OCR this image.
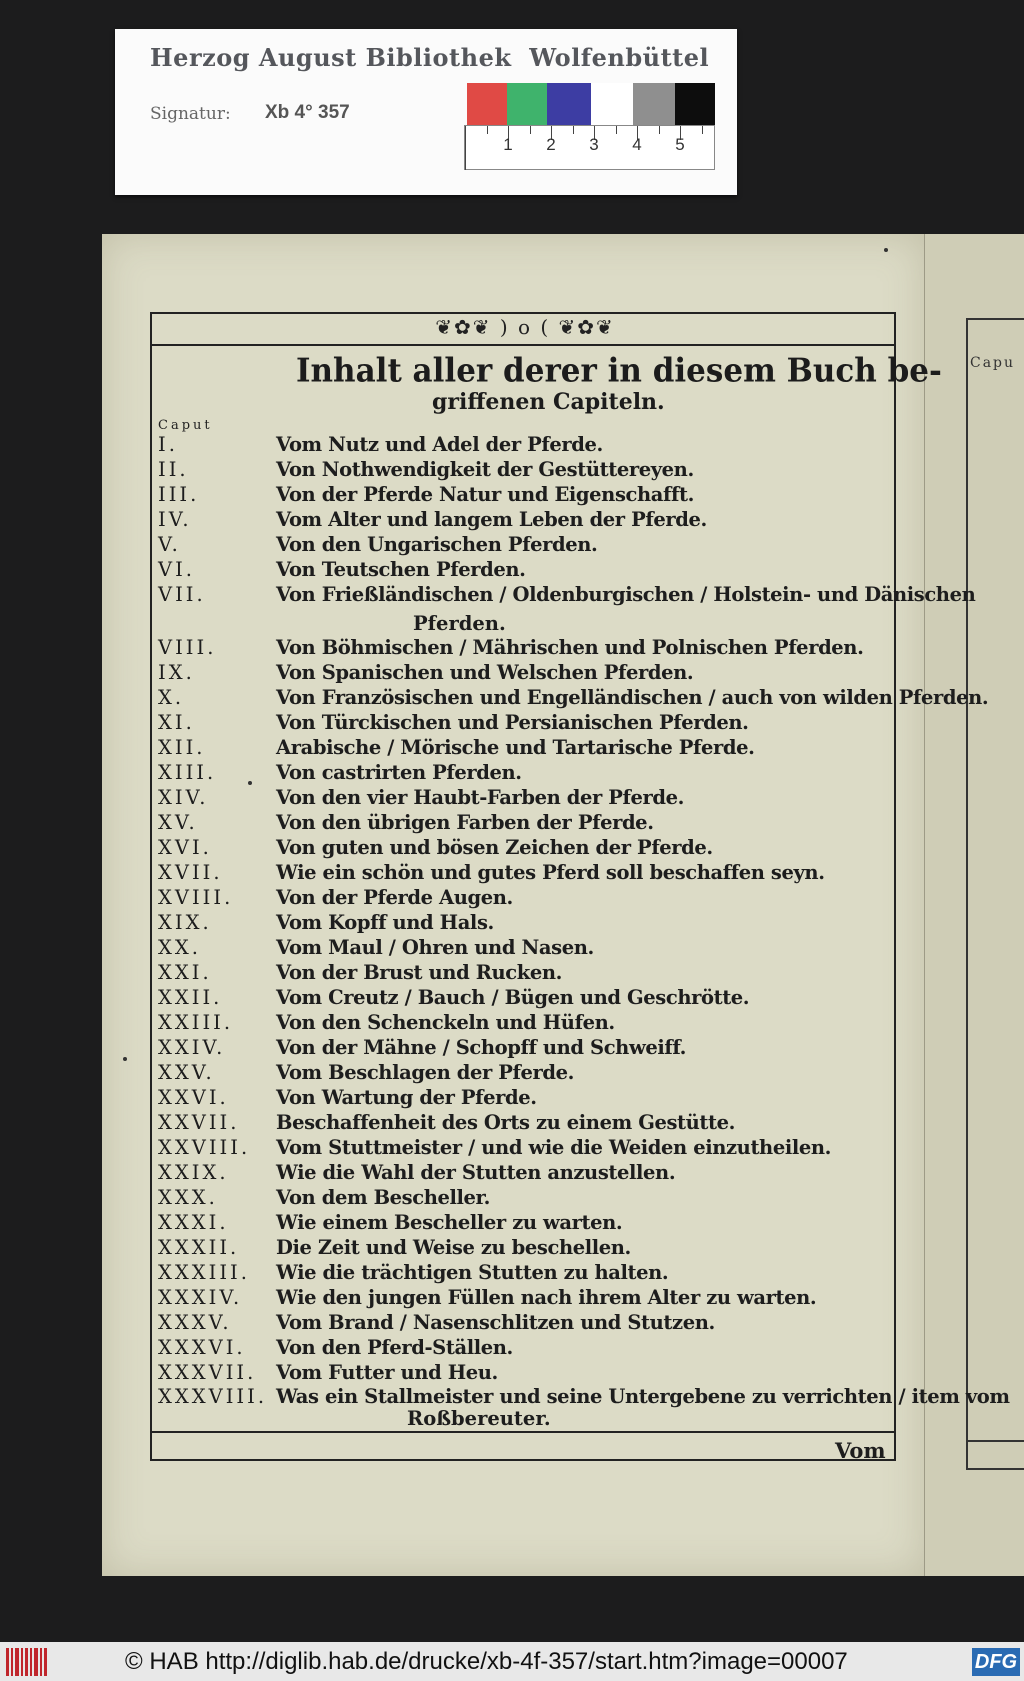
Herzog August Bibliothek  Wolfenbüttel
Signatur: Xb 4° 357
1 2 3 4 5
Capu
❦✿❦ ) o ( ❦✿❦
Inhalt aller derer in diesem Buch be-
griffenen Capiteln.
Caput
I.	Vom Nutz und Adel der Pferde.
II.	Von Nothwendigkeit der Gestüttereyen.
III.	Von der Pferde Natur und Eigenschafft.
IV.	Vom Alter und langem Leben der Pferde.
V.	Von den Ungarischen Pferden.
VI.	Von Teutschen Pferden.
VII.	Von Frießländischen / Oldenburgischen / Holstein- und Dänischen
VIII.	Von Böhmischen / Mährischen und Polnischen Pferden.
IX.	Von Spanischen und Welschen Pferden.
X.	Von Französischen und Engelländischen / auch von wilden Pferden.
XI.	Von Türckischen und Persianischen Pferden.
XII.	Arabische / Mörische und Tartarische Pferde.
XIII.	Von castrirten Pferden.
XIV.	Von den vier Haubt-Farben der Pferde.
XV.	Von den übrigen Farben der Pferde.
XVI.	Von guten und bösen Zeichen der Pferde.
XVII.	Wie ein schön und gutes Pferd soll beschaffen seyn.
XVIII. Von der Pferde Augen.
XIX.	Vom Kopff und Hals.
XX.	Vom Maul / Ohren und Nasen.
XXI.	Von der Brust und Rucken.
XXII.	Vom Creutz / Bauch / Bügen und Geschrötte.
XXIII. Von den Schenckeln und Hüfen.
XXIV.	Von der Mähne / Schopff und Schweiff.
XXV.	Vom Beschlagen der Pferde.
XXVI. Von Wartung der Pferde.
XXVII. Beschaffenheit des Orts zu einem Gestütte.
XXVIII. Vom Stuttmeister / und wie die Weiden einzutheilen.
XXIX. Wie die Wahl der Stutten anzustellen.
XXX.	Von dem Bescheller.
XXXI. Wie einem Bescheller zu warten.
XXXII. Die Zeit und Weise zu beschellen.
XXXIII. Wie die trächtigen Stutten zu halten.
XXXIV. Wie den jungen Füllen nach ihrem Alter zu warten.
XXXV. Vom Brand / Nasenschlitzen und Stutzen.
XXXVI. Von den Pferd-Ställen.
XXXVII. Vom Futter und Heu.
XXXVIII. Was ein Stallmeister und seine Untergebene zu verrichten / item vom
Pferden.
Roßbereuter.
Vom
© HAB http://diglib.hab.de/drucke/xb-4f-357/start.htm?image=00007	DFG
